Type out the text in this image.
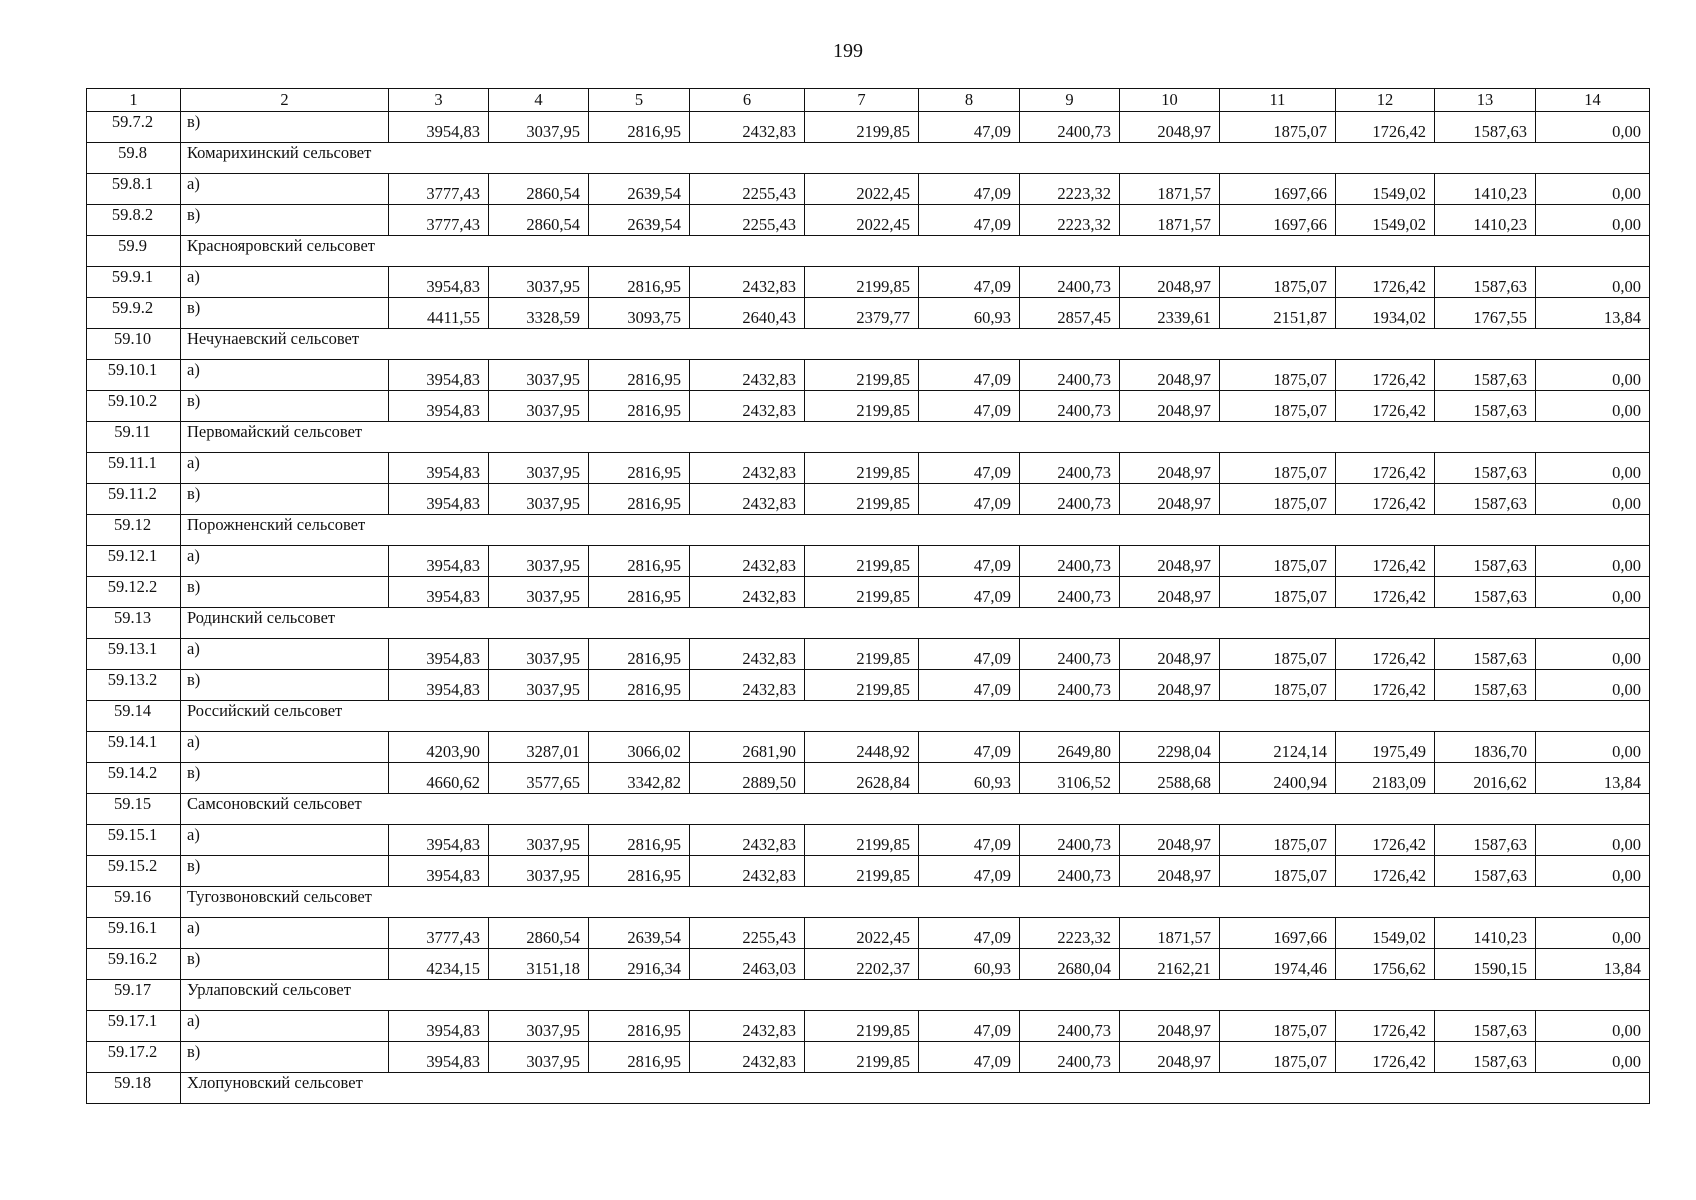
199
1	2	3	4	5	6	7	8	9	10	11	12	13	14
59.7.2	в)	3954,83	3037,95	2816,95	2432,83	2199,85	47,09	2400,73	2048,97	1875,07	1726,42	1587,63	0,00
59.8	Комарихинский сельсовет												
59.8.1	а)	3777,43	2860,54	2639,54	2255,43	2022,45	47,09	2223,32	1871,57	1697,66	1549,02	1410,23	0,00
59.8.2	в)	3777,43	2860,54	2639,54	2255,43	2022,45	47,09	2223,32	1871,57	1697,66	1549,02	1410,23	0,00
59.9	Краснояровский сельсовет												
59.9.1	а)	3954,83	3037,95	2816,95	2432,83	2199,85	47,09	2400,73	2048,97	1875,07	1726,42	1587,63	0,00
59.9.2	в)	4411,55	3328,59	3093,75	2640,43	2379,77	60,93	2857,45	2339,61	2151,87	1934,02	1767,55	13,84
59.10	Нечунаевский сельсовет												
59.10.1	а)	3954,83	3037,95	2816,95	2432,83	2199,85	47,09	2400,73	2048,97	1875,07	1726,42	1587,63	0,00
59.10.2	в)	3954,83	3037,95	2816,95	2432,83	2199,85	47,09	2400,73	2048,97	1875,07	1726,42	1587,63	0,00
59.11	Первомайский сельсовет												
59.11.1	а)	3954,83	3037,95	2816,95	2432,83	2199,85	47,09	2400,73	2048,97	1875,07	1726,42	1587,63	0,00
59.11.2	в)	3954,83	3037,95	2816,95	2432,83	2199,85	47,09	2400,73	2048,97	1875,07	1726,42	1587,63	0,00
59.12	Порожненский сельсовет												
59.12.1	а)	3954,83	3037,95	2816,95	2432,83	2199,85	47,09	2400,73	2048,97	1875,07	1726,42	1587,63	0,00
59.12.2	в)	3954,83	3037,95	2816,95	2432,83	2199,85	47,09	2400,73	2048,97	1875,07	1726,42	1587,63	0,00
59.13	Родинский сельсовет												
59.13.1	а)	3954,83	3037,95	2816,95	2432,83	2199,85	47,09	2400,73	2048,97	1875,07	1726,42	1587,63	0,00
59.13.2	в)	3954,83	3037,95	2816,95	2432,83	2199,85	47,09	2400,73	2048,97	1875,07	1726,42	1587,63	0,00
59.14	Российский сельсовет												
59.14.1	а)	4203,90	3287,01	3066,02	2681,90	2448,92	47,09	2649,80	2298,04	2124,14	1975,49	1836,70	0,00
59.14.2	в)	4660,62	3577,65	3342,82	2889,50	2628,84	60,93	3106,52	2588,68	2400,94	2183,09	2016,62	13,84
59.15	Самсоновский сельсовет												
59.15.1	а)	3954,83	3037,95	2816,95	2432,83	2199,85	47,09	2400,73	2048,97	1875,07	1726,42	1587,63	0,00
59.15.2	в)	3954,83	3037,95	2816,95	2432,83	2199,85	47,09	2400,73	2048,97	1875,07	1726,42	1587,63	0,00
59.16	Тугозвоновский сельсовет												
59.16.1	а)	3777,43	2860,54	2639,54	2255,43	2022,45	47,09	2223,32	1871,57	1697,66	1549,02	1410,23	0,00
59.16.2	в)	4234,15	3151,18	2916,34	2463,03	2202,37	60,93	2680,04	2162,21	1974,46	1756,62	1590,15	13,84
59.17	Урлаповский сельсовет												
59.17.1	а)	3954,83	3037,95	2816,95	2432,83	2199,85	47,09	2400,73	2048,97	1875,07	1726,42	1587,63	0,00
59.17.2	в)	3954,83	3037,95	2816,95	2432,83	2199,85	47,09	2400,73	2048,97	1875,07	1726,42	1587,63	0,00
59.18	Хлопуновский сельсовет												
